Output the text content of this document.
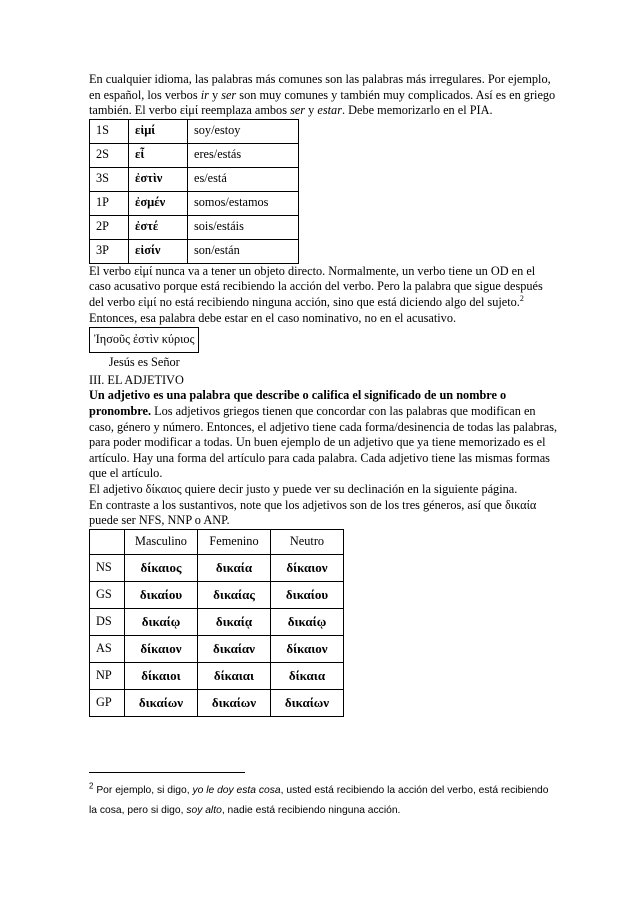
En cualquier idioma, las palabras más comunes son las palabras más irregulares. Por ejemplo, en español, los verbos ir y ser son muy comunes y también muy complicados. Así es en griego también. El verbo εἰμί reemplaza ambos ser y estar. Debe memorizarlo en el PIA.

1S	εἰμί	soy/estoy
2S	εἶ	eres/estás
3S	ἐστὶν	es/está
1P	ἐσμέν	somos/estamos
2P	ἐστέ	sois/estáis
3P	εἰσίν	son/están

El verbo εἰμί nunca va a tener un objeto directo. Normalmente, un verbo tiene un OD en el caso acusativo porque está recibiendo la acción del verbo. Pero la palabra que sigue después del verbo εἰμί no está recibiendo ninguna acción, sino que está diciendo algo del sujeto.$^2$ Entonces, esa palabra debe estar en el caso nominativo, no en el acusativo.

Ἰησοῦς ἐστὶν κύριος
Jesús es Señor

III. EL ADJETIVO

Un adjetivo es una palabra que describe o califica el significado de un nombre o pronombre. Los adjetivos griegos tienen que concordar con las palabras que modifican en caso, género y número. Entonces, el adjetivo tiene cada forma/desinencia de todas las palabras, para poder modificar a todas. Un buen ejemplo de un adjetivo que ya tiene memorizado es el artículo. Hay una forma del artículo para cada palabra. Cada adjetivo tiene las mismas formas que el artículo.

El adjetivo δίκαιος quiere decir justo y puede ver su declinación en la siguiente página.

En contraste a los sustantivos, note que los adjetivos son de los tres géneros, así que δικαία puede ser NFS, NNP o ANP.

	Masculino	Femenino	Neutro
NS	δίκαιος	δικαία	δίκαιον
GS	δικαίου	δικαίας	δικαίου
DS	δικαίῳ	δικαίᾳ	δικαίῳ
AS	δίκαιον	δικαίαν	δίκαιον
NP	δίκαιοι	δίκαιαι	δίκαια
GP	δικαίων	δικαίων	δικαίων

$^2$ Por ejemplo, si digo, yo le doy esta cosa, usted está recibiendo la acción del verbo, está recibiendo la cosa, pero si digo, soy alto, nadie está recibiendo ninguna acción.
